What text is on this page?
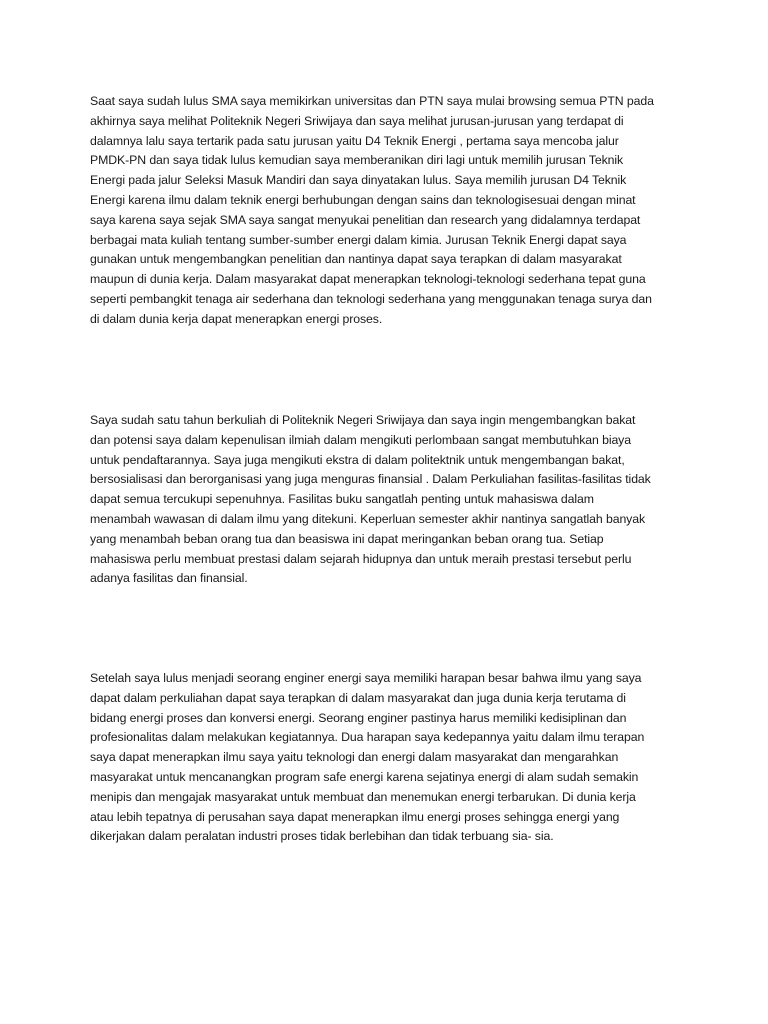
Saat saya sudah lulus SMA saya memikirkan universitas dan PTN saya mulai browsing semua PTN pada
akhirnya saya melihat Politeknik Negeri Sriwijaya dan saya melihat jurusan-jurusan yang terdapat di
dalamnya lalu saya tertarik pada satu jurusan yaitu D4 Teknik Energi , pertama saya mencoba jalur
PMDK-PN dan saya tidak lulus kemudian saya memberanikan diri lagi untuk memilih jurusan Teknik
Energi pada jalur Seleksi Masuk Mandiri dan saya dinyatakan lulus. Saya memilih jurusan D4 Teknik
Energi karena ilmu dalam teknik energi berhubungan dengan sains dan teknologisesuai dengan minat
saya karena saya sejak SMA saya sangat menyukai penelitian dan research yang didalamnya terdapat
berbagai mata kuliah tentang sumber-sumber energi dalam kimia. Jurusan Teknik Energi dapat saya
gunakan untuk mengembangkan penelitian dan nantinya dapat saya terapkan di dalam masyarakat
maupun di dunia kerja. Dalam masyarakat dapat menerapkan teknologi-teknologi sederhana tepat guna
seperti pembangkit tenaga air sederhana dan teknologi sederhana yang menggunakan tenaga surya dan
di dalam dunia kerja dapat menerapkan energi proses.

Saya sudah satu tahun berkuliah di Politeknik Negeri Sriwijaya dan saya ingin mengembangkan bakat
dan potensi saya dalam kepenulisan ilmiah dalam mengikuti perlombaan sangat membutuhkan biaya
untuk pendaftarannya. Saya juga mengikuti ekstra di dalam politektnik untuk mengembangan bakat,
bersosialisasi dan berorganisasi yang juga menguras finansial . Dalam Perkuliahan fasilitas-fasilitas tidak
dapat semua tercukupi sepenuhnya. Fasilitas buku sangatlah penting untuk mahasiswa dalam
menambah wawasan di dalam ilmu yang ditekuni. Keperluan semester akhir nantinya sangatlah banyak
yang menambah beban orang tua dan beasiswa ini dapat meringankan beban orang tua. Setiap
mahasiswa perlu membuat prestasi dalam sejarah hidupnya dan untuk meraih prestasi tersebut perlu
adanya fasilitas dan finansial.

Setelah saya lulus menjadi seorang enginer energi saya memiliki harapan besar bahwa ilmu yang saya
dapat dalam perkuliahan dapat saya terapkan di dalam masyarakat dan juga dunia kerja terutama di
bidang energi proses dan konversi energi. Seorang enginer pastinya harus memiliki kedisiplinan dan
profesionalitas dalam melakukan kegiatannya. Dua harapan saya kedepannya yaitu dalam ilmu terapan
saya dapat menerapkan ilmu saya yaitu teknologi dan energi dalam masyarakat dan mengarahkan
masyarakat untuk mencanangkan program safe energi karena sejatinya energi di alam sudah semakin
menipis dan mengajak masyarakat untuk membuat dan menemukan energi terbarukan. Di dunia kerja
atau lebih tepatnya di perusahan saya dapat menerapkan ilmu energi proses sehingga energi yang
dikerjakan dalam peralatan industri proses tidak berlebihan dan tidak terbuang sia- sia.
